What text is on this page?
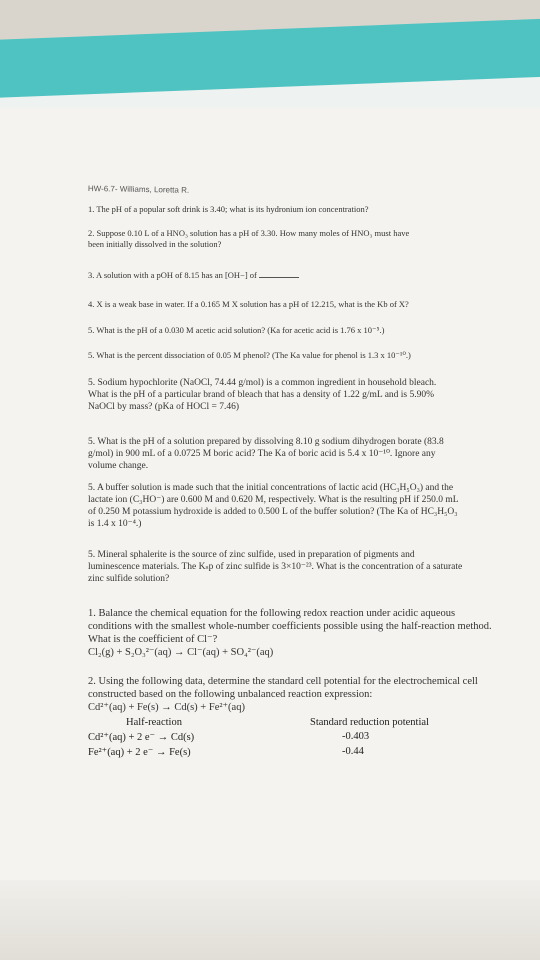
HW-6.7- Williams, Loretta R.

1. The pH of a popular soft drink is 3.40; what is its hydronium ion concentration?

2. Suppose 0.10 L of a HNO₃ solution has a pH of 3.30. How many moles of HNO₃ must have
been initially dissolved in the solution?

3. A solution with a pOH of 8.15 has an [OH−] of

4. X is a weak base in water. If a 0.165 M X solution has a pH of 12.215, what is the Kb of X?

5. What is the pH of a 0.030 M acetic acid solution? (Ka for acetic acid is 1.76 x 10⁻⁵.)

5. What is the percent dissociation of 0.05 M phenol? (The Ka value for phenol is 1.3 x 10⁻¹⁰.)

5. Sodium hypochlorite (NaOCl, 74.44 g/mol) is a common ingredient in household bleach.
What is the pH of a particular brand of bleach that has a density of 1.22 g/mL and is 5.90%
NaOCl by mass? (pKa of HOCl = 7.46)

5. What is the pH of a solution prepared by dissolving 8.10 g sodium dihydrogen borate (83.8
g/mol) in 900 mL of a 0.0725 M boric acid? The Ka of boric acid is 5.4 x 10⁻¹⁰. Ignore any
volume change.

5. A buffer solution is made such that the initial concentrations of lactic acid (HC₃H₅O₃) and the
lactate ion (C₃HO⁻) are 0.600 M and 0.620 M, respectively. What is the resulting pH if 250.0 mL
of 0.250 M potassium hydroxide is added to 0.500 L of the buffer solution? (The Ka of HC₃H₅O₃
is 1.4 x 10⁻⁴.)

5. Mineral sphalerite is the source of zinc sulfide, used in preparation of pigments and
luminescence materials. The Kₛp of zinc sulfide is 3×10⁻²³. What is the concentration of a saturate
zinc sulfide solution?

1. Balance the chemical equation for the following redox reaction under acidic aqueous
conditions with the smallest whole-number coefficients possible using the half-reaction method.
What is the coefficient of Cl⁻?
Cl₂(g) + S₂O₃²⁻(aq) → Cl⁻(aq) + SO₄²⁻(aq)

2. Using the following data, determine the standard cell potential for the electrochemical cell
constructed based on the following unbalanced reaction expression:
Cd²⁺(aq) + Fe(s) → Cd(s) + Fe²⁺(aq)

Half-reaction	Standard reduction potential
Cd²⁺(aq) + 2 e⁻ → Cd(s)	-0.403
Fe²⁺(aq) + 2 e⁻ → Fe(s)	-0.44
